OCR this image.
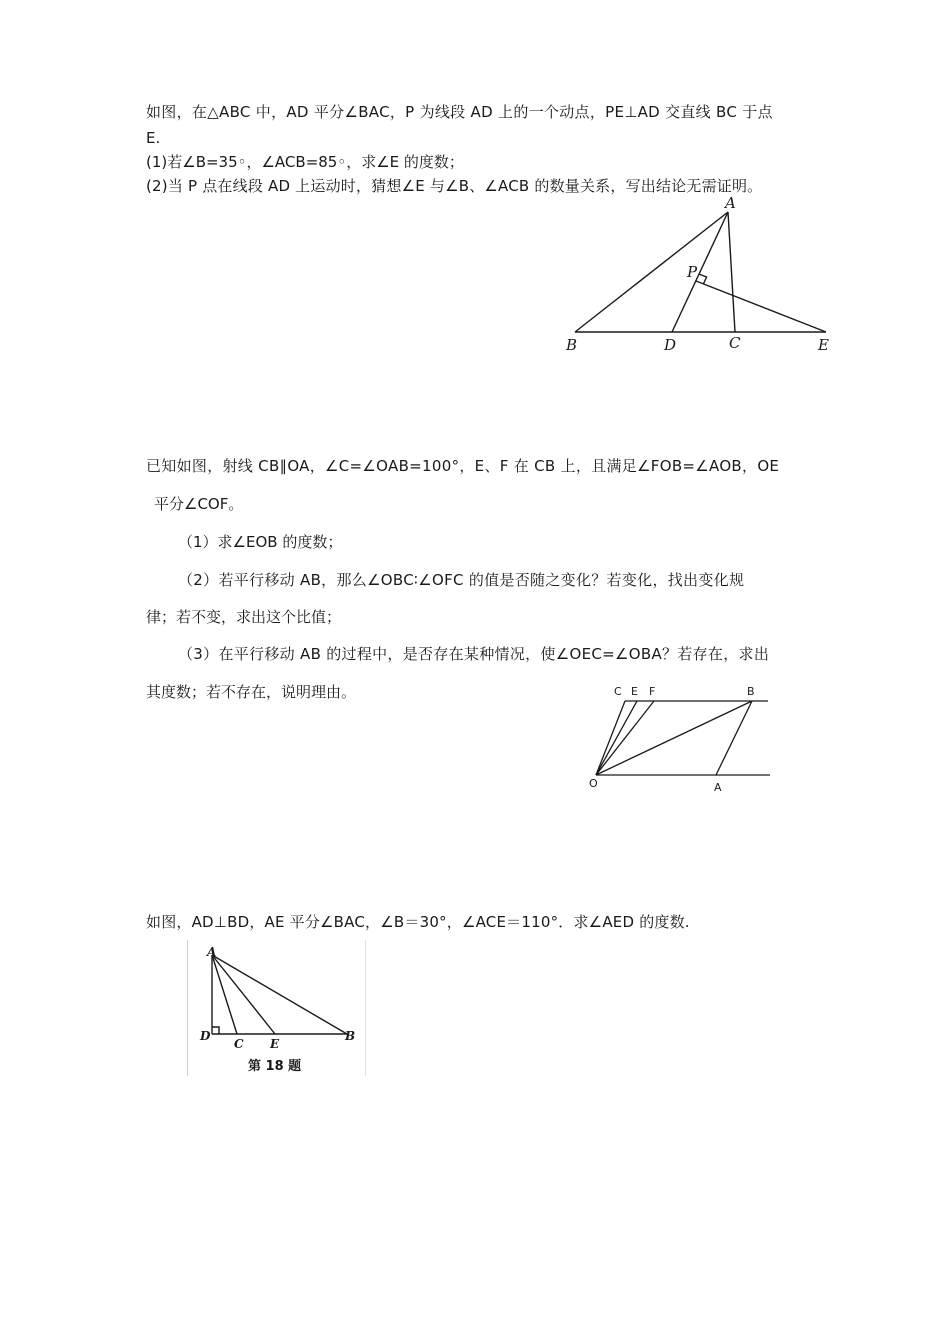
如图，在△ABC 中，AD 平分∠BAC，P 为线段 AD 上的一个动点，PE⊥AD 交直线 BC 于点
E.
(1)若∠B=35◦，∠ACB=85◦，求∠E 的度数；
(2)当 P 点在线段 AD 上运动时，猜想∠E 与∠B、∠ACB 的数量关系，写出结论无需证明。
A
P
B	D	C	E
已知如图，射线 CB∥OA，∠C=∠OAB=100°，E、F 在 CB 上，且满足∠FOB=∠AOB，OE
平分∠COF。
（1）求∠EOB 的度数；
（2）若平行移动 AB，那么∠OBC∶∠OFC 的值是否随之变化？若变化，找出变化规
律；若不变，求出这个比值；
（3）在平行移动 AB 的过程中，是否存在某种情况，使∠OEC=∠OBA？若存在，求出
其度数；若不存在，说明理由。	C E F	B
O	A
如图，AD⊥BD，AE 平分∠BAC，∠B＝30°，∠ACE＝110°．求∠AED 的度数.
A
D
C E
B
第 18 题
